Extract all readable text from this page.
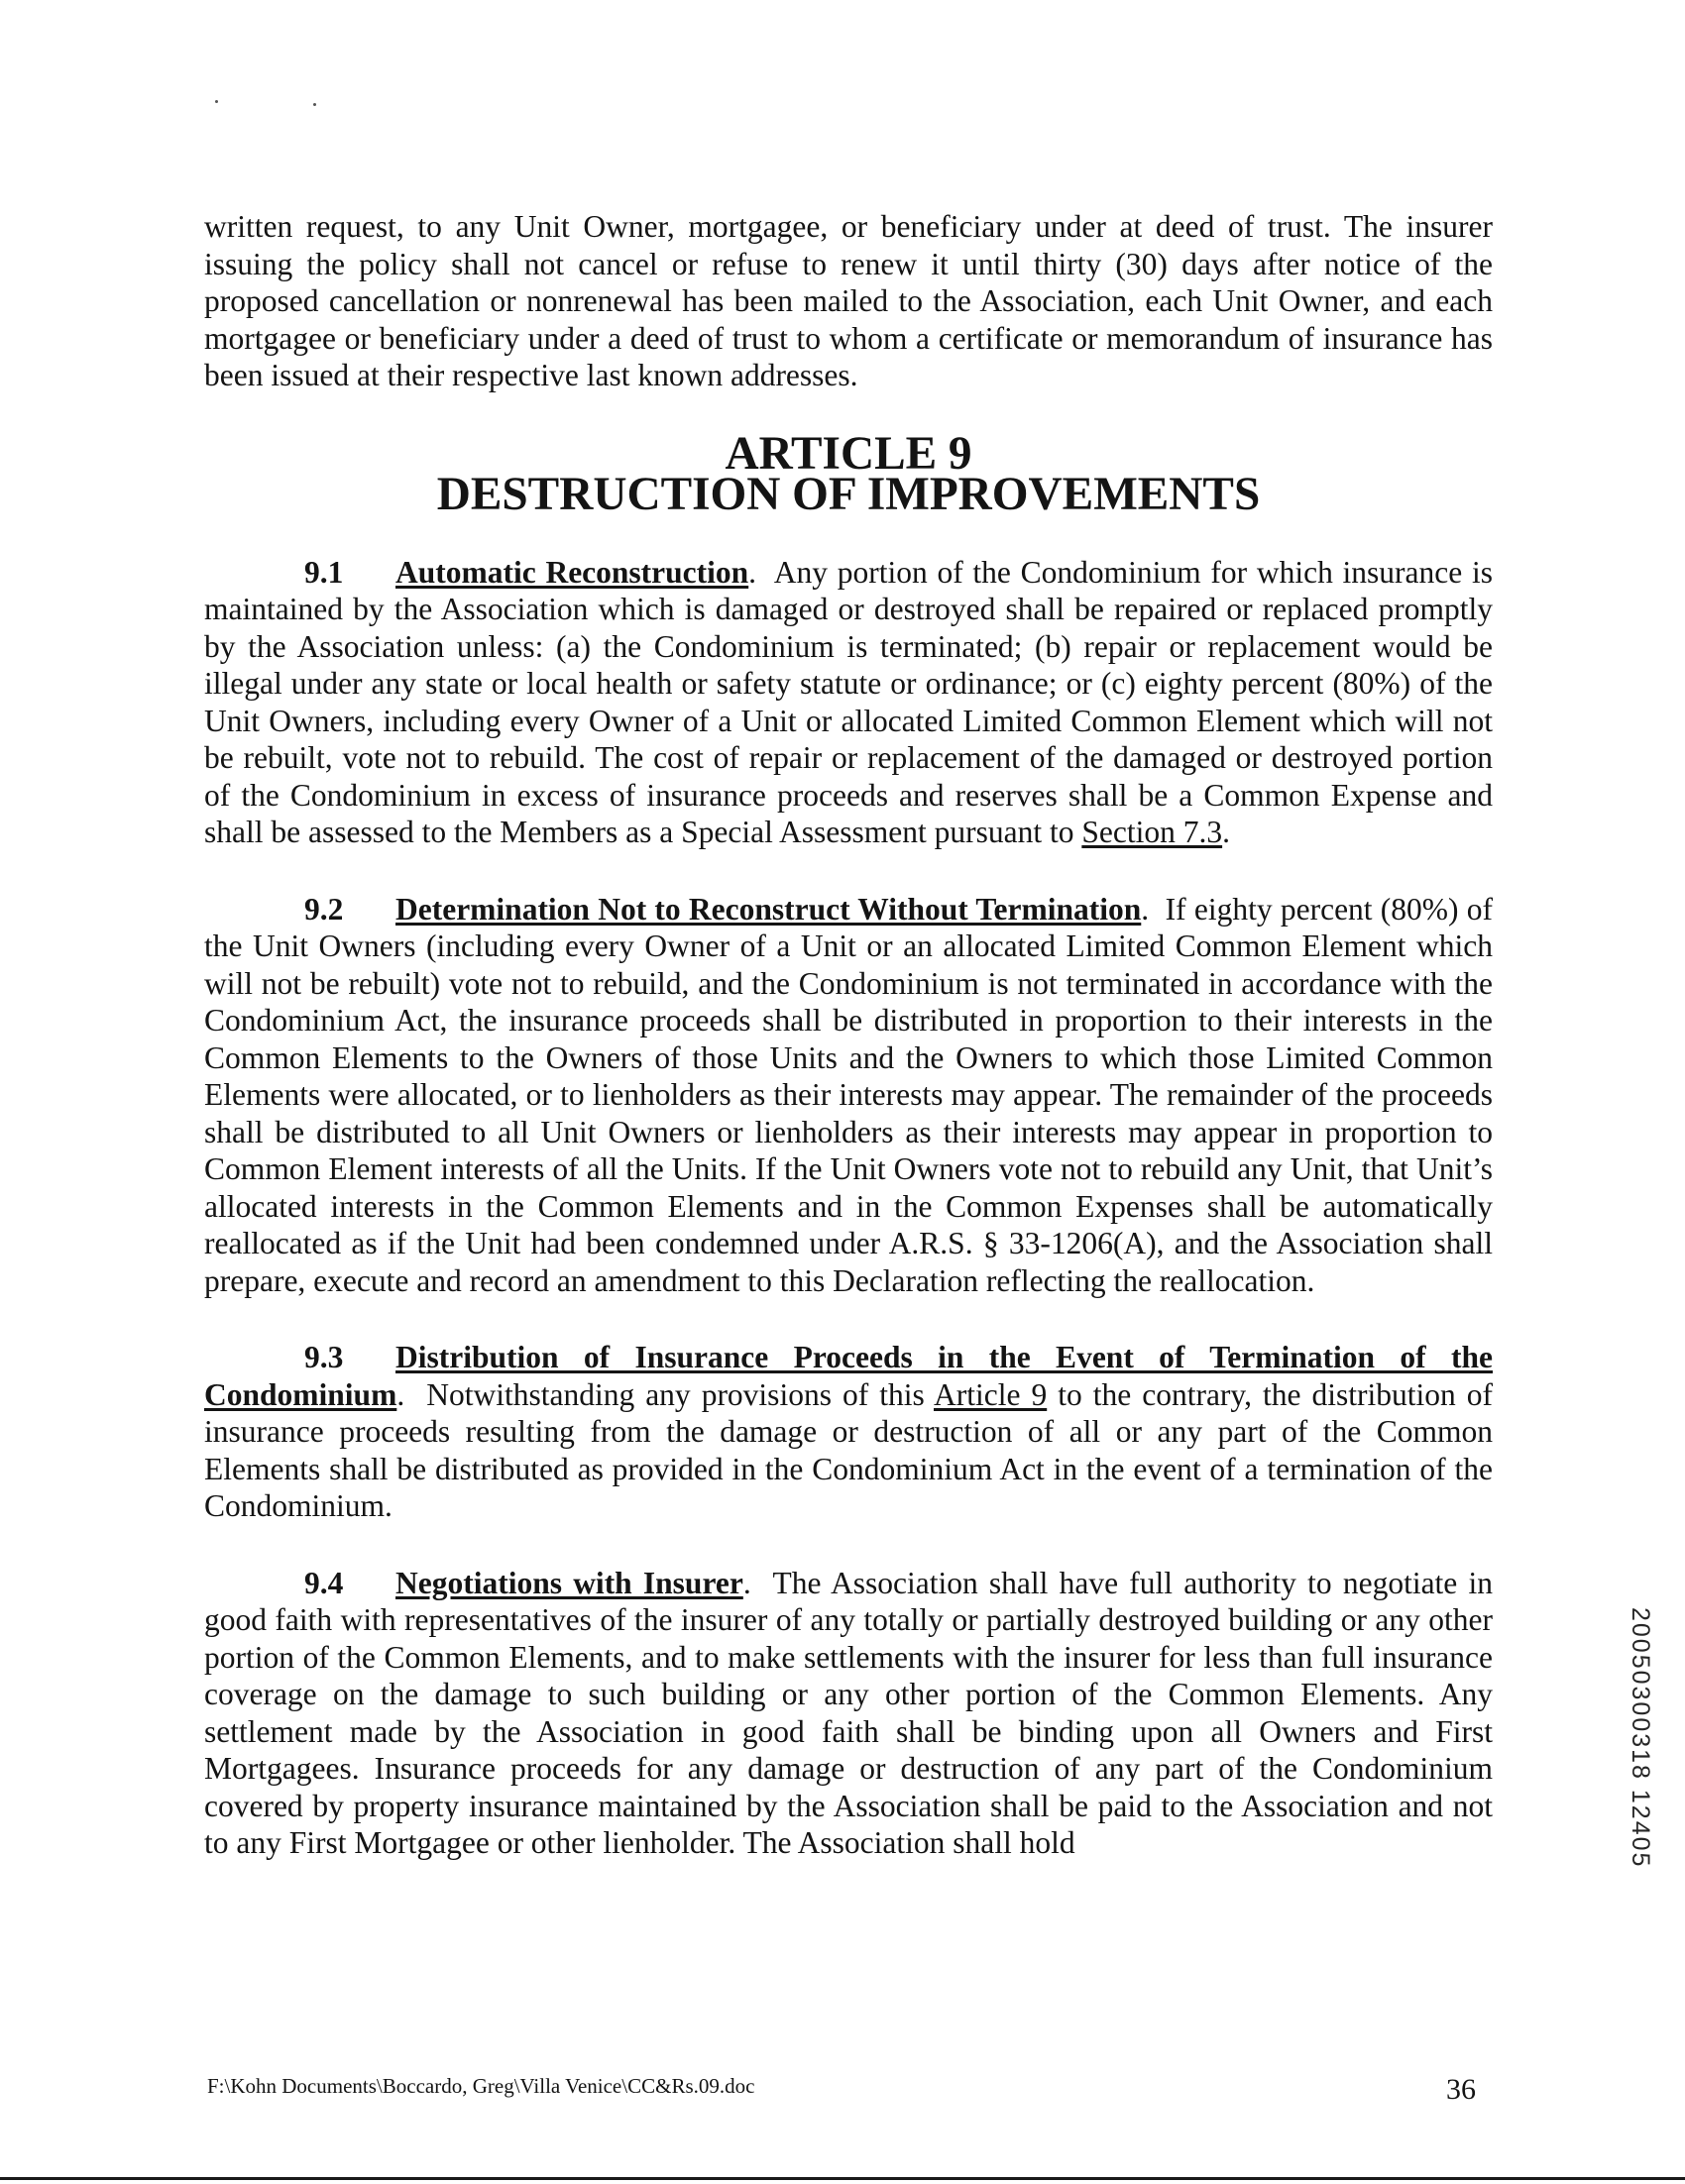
written request, to any Unit Owner, mortgagee, or beneficiary under at deed of trust. The insurer issuing the policy shall not cancel or refuse to renew it until thirty (30) days after notice of the proposed cancellation or nonrenewal has been mailed to the Association, each Unit Owner, and each mortgagee or beneficiary under a deed of trust to whom a certificate or memorandum of insurance has been issued at their respective last known addresses.

ARTICLE 9
DESTRUCTION OF IMPROVEMENTS

9.1 Automatic Reconstruction.  Any portion of the Condominium for which insurance is maintained by the Association which is damaged or destroyed shall be repaired or replaced promptly by the Association unless: (a) the Condominium is terminated; (b) repair or replacement would be illegal under any state or local health or safety statute or ordinance; or (c) eighty percent (80%) of the Unit Owners, including every Owner of a Unit or allocated Limited Common Element which will not be rebuilt, vote not to rebuild. The cost of repair or replacement of the damaged or destroyed portion of the Condominium in excess of insurance proceeds and reserves shall be a Common Expense and shall be assessed to the Members as a Special Assessment pursuant to Section 7.3.

9.2 Determination Not to Reconstruct Without Termination.  If eighty percent (80%) of the Unit Owners (including every Owner of a Unit or an allocated Limited Common Element which will not be rebuilt) vote not to rebuild, and the Condominium is not terminated in accordance with the Condominium Act, the insurance proceeds shall be distributed in proportion to their interests in the Common Elements to the Owners of those Units and the Owners to which those Limited Common Elements were allocated, or to lienholders as their interests may appear. The remainder of the proceeds shall be distributed to all Unit Owners or lienholders as their interests may appear in proportion to Common Element interests of all the Units. If the Unit Owners vote not to rebuild any Unit, that Unit’s allocated interests in the Common Elements and in the Common Expenses shall be automatically reallocated as if the Unit had been condemned under A.R.S. § 33-1206(A), and the Association shall prepare, execute and record an amendment to this Declaration reflecting the reallocation.

9.3 Distribution of Insurance Proceeds in the Event of Termination of the Condominium.  Notwithstanding any provisions of this Article 9 to the contrary, the distribution of insurance proceeds resulting from the damage or destruction of all or any part of the Common Elements shall be distributed as provided in the Condominium Act in the event of a termination of the Condominium.

9.4 Negotiations with Insurer.  The Association shall have full authority to negotiate in good faith with representatives of the insurer of any totally or partially destroyed building or any other portion of the Common Elements, and to make settlements with the insurer for less than full insurance coverage on the damage to such building or any other portion of the Common Elements. Any settlement made by the Association in good faith shall be binding upon all Owners and First Mortgagees. Insurance proceeds for any damage or destruction of any part of the Condominium covered by property insurance maintained by the Association shall be paid to the Association and not to any First Mortgagee or other lienholder. The Association shall hold	20050300318 12405
F:\Kohn Documents\Boccardo, Greg\Villa Venice\CC&Rs.09.doc	36
